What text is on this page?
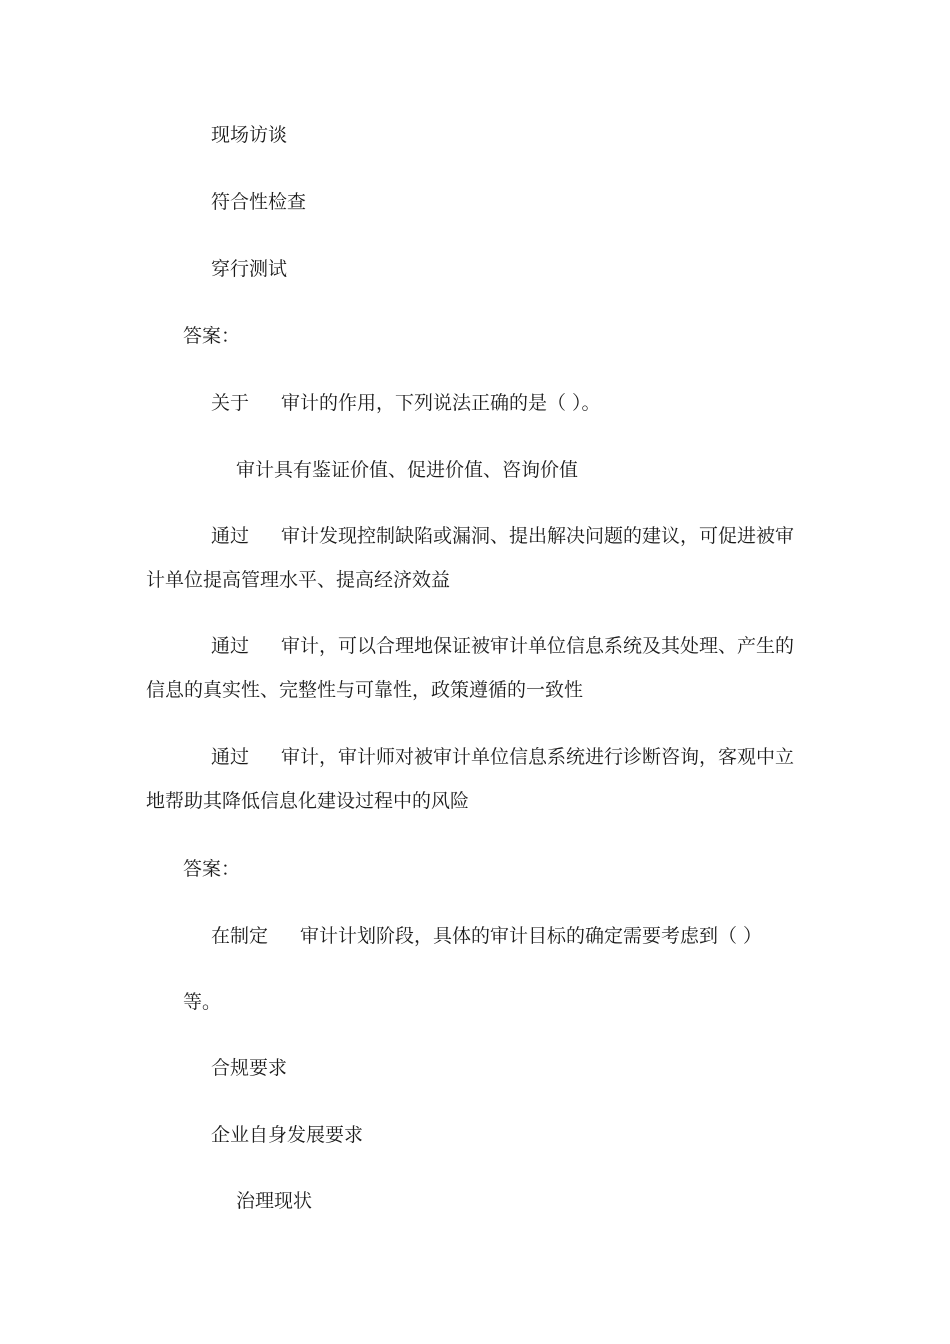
现场访谈
符合性检查
穿行测试
答案：
关于 审计的作用，下列说法正确的是（ ）。
审计具有鉴证价值、促进价值、咨询价值
通过 审计发现控制缺陷或漏洞、提出解决问题的建议，可促进被审计单位提高管理水平、提高经济效益
通过 审计，可以合理地保证被审计单位信息系统及其处理、产生的信息的真实性、完整性与可靠性，政策遵循的一致性
通过 审计，审计师对被审计单位信息系统进行诊断咨询，客观中立地帮助其降低信息化建设过程中的风险
答案：
在制定 审计计划阶段，具体的审计目标的确定需要考虑到（ ）
等。
合规要求
企业自身发展要求
治理现状
